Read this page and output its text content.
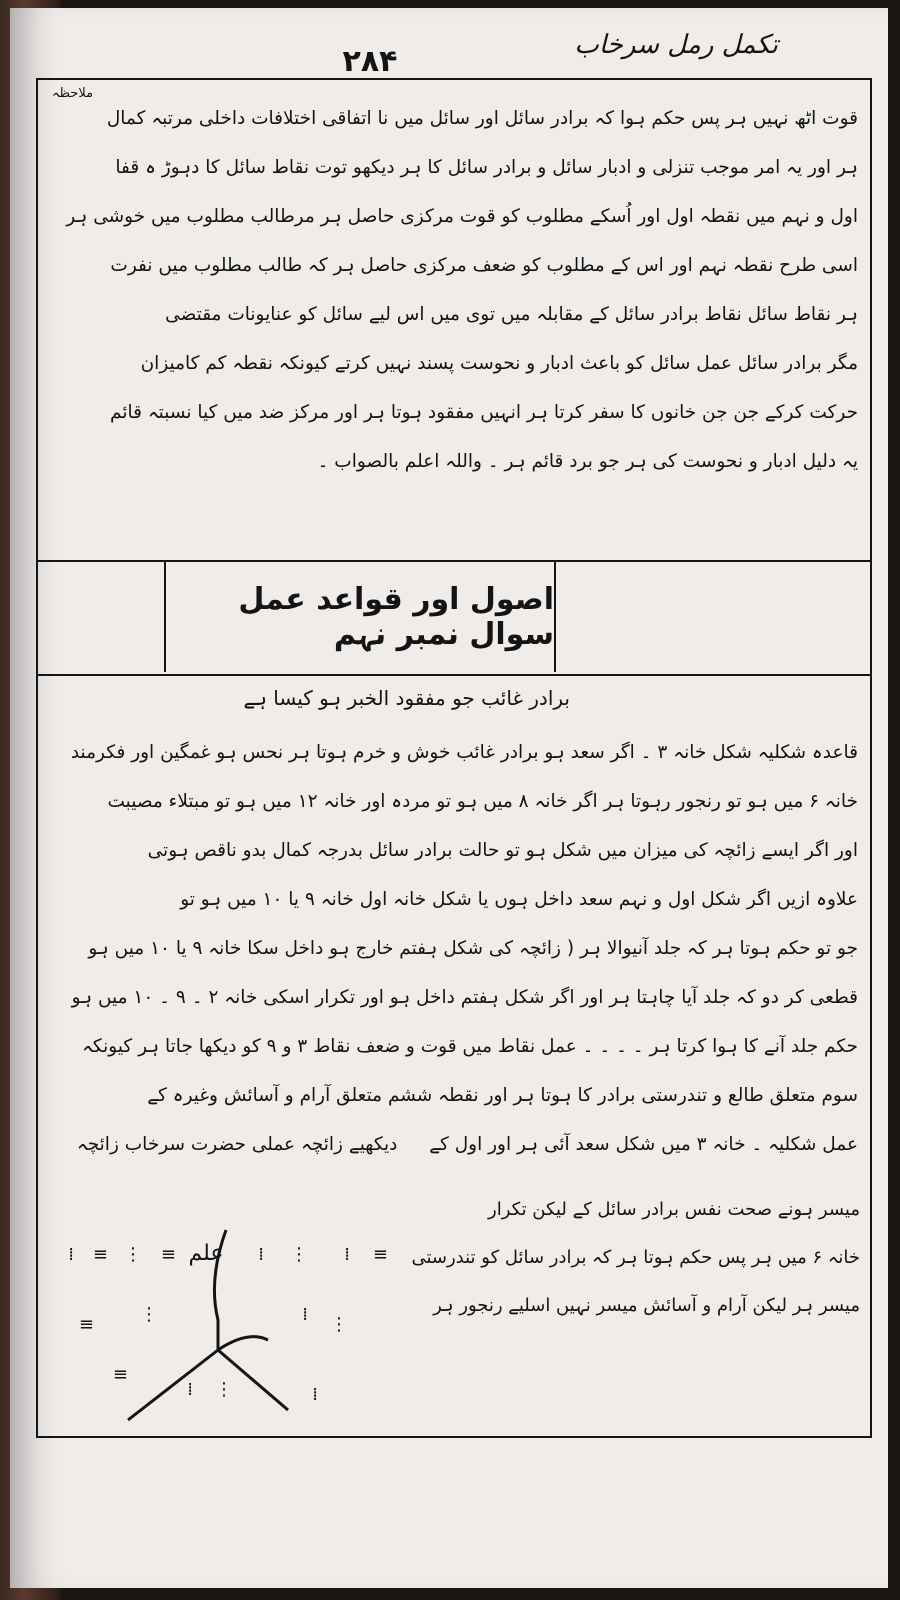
تکمل رمل سرخاب
۲۸۴
ملاحظہ

قوت اٹھ نہیں ہر پس حکم ہوا کہ برادر سائل اور سائل میں نا اتفاقی اختلافات داخلی مرتبہ کمال

ہر اور یہ امر موجب تنزلی و ادبار سائل و برادر سائل کا ہر دیکھو توت نقاط سائل کا دہوڑ ہ قفا

اول و نہم میں نقطہ اول اور اُسکے مطلوب کو قوت مرکزی حاصل ہر مرطالب مطلوب میں خوشی ہر

اسی طرح نقطہ نہم اور اس کے مطلوب کو ضعف مرکزی حاصل ہر کہ طالب مطلوب میں نفرت

ہر نقاط سائل نقاط برادر سائل کے مقابلہ میں توی میں اس لیے سائل کو عنایونات مقتضی

مگر برادر سائل عمل سائل کو باعث ادبار و نحوست پسند نہیں کرتے کیونکہ نقطہ کم کامیزان

حرکت کرکے جن جن خانوں کا سفر کرتا ہر انہیں مفقود ہوتا ہر اور مرکز ضد میں کیا نسبتہ قائم

یہ دلیل ادبار و نحوست کی ہر جو برد قائم ہر ۔ واللہ اعلم بالصواب ۔

اصول اور قواعد عمل سوال نمبر نہم
برادر غائب جو مفقود الخبر ہو کیسا ہے

قاعدہ شکلیہ شکل خانہ ۳ ۔ اگر سعد ہو برادر غائب خوش و خرم ہوتا ہر نحس ہو غمگین اور فکرمند

خانہ ۶ میں ہو تو رنجور رہوتا ہر اگر خانہ ۸ میں ہو تو مردہ اور خانہ ۱۲ میں ہو تو مبتلاء مصیبت

اور اگر ایسے زائچہ کی میزان میں شکل ہو تو حالت برادر سائل بدرجہ کمال بدو ناقص ہوتی

علاوہ ازیں اگر شکل اول و نہم سعد داخل ہوں یا شکل خانہ اول خانہ ۹ یا ۱۰ میں ہو تو

جو تو حکم ہوتا ہر کہ جلد آنیوالا ہر ( زائچہ کی شکل ہفتم خارج ہو داخل سکا خانہ ۹ یا ۱۰ میں ہو

قطعی کر دو کہ جلد آیا چاہتا ہر اور اگر شکل ہفتم داخل ہو اور تکرار اسکی خانہ ۲ ۔ ۹ ۔ ۱۰ میں ہو

حکم جلد آنے کا ہوا کرتا ہر ۔ ۔ ۔ ۔ عمل نقاط میں قوت و ضعف نقاط ۳ و ۹ کو دیکھا جاتا ہر کیونکہ

سوم متعلق طالع و تندرستی برادر کا ہوتا ہر اور نقطہ ششم متعلق آرام و آسائش وغیرہ کے

عمل شکلیہ ۔ خانہ ۳ میں شکل سعد آئی ہر اور اول کے  دیکھیے زائچہ عملی حضرت سرخاب زائچہ

میسر ہونے صحت نفس برادر سائل کے لیکن تکرار

خانہ ۶ میں ہر پس حکم ہوتا ہر کہ برادر سائل کو تندرستی

میسر ہر لیکن آرام و آسائش میسر نہیں اسلیے رنجور ہر

علم
⁞ ≡ ⋮ ≡	⁞ ⋮ ⁞ ≡
≡	⋮	⁞ ⋮
≡
⁞ ⋮	⁞
